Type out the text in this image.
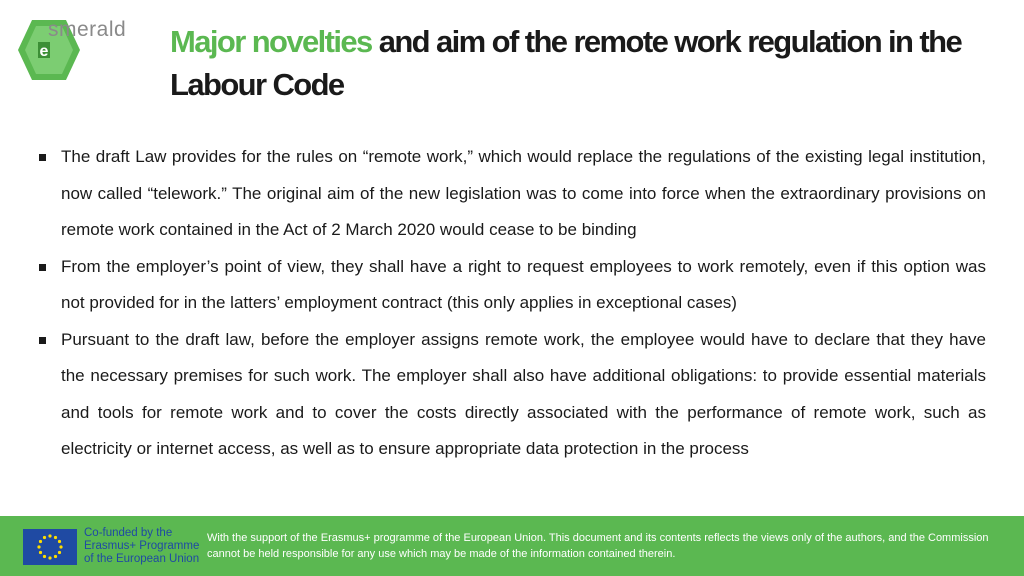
e
smerald Major novelties and aim of the remote work regulation in the Labour Code
The draft Law provides for the rules on “remote work,” which would replace the regulations of the existing legal institution, now called “telework.” The original aim of the new legislation was to come into force when the extraordinary provisions on remote work contained in the Act of 2 March 2020 would cease to be binding
From the employer’s point of view, they shall have a right to request employees to work remotely, even if this option was not provided for in the latters’ employment contract (this only applies in exceptional cases)
Pursuant to the draft law, before the employer assigns remote work, the employee would have to declare that they have the necessary premises for such work. The employer shall also have additional obligations: to provide essential materials and tools for remote work and to cover the costs directly associated with the performance of remote work, such as electricity or internet access, as well as to ensure appropriate data protection in the process
Co-funded by the
Erasmus+ Programme
of the European Union
With the support of the Erasmus+ programme of the European Union. This document and its contents reflects the views only of the authors, and the Commission cannot be held responsible for any use which may be made of the information contained therein.
